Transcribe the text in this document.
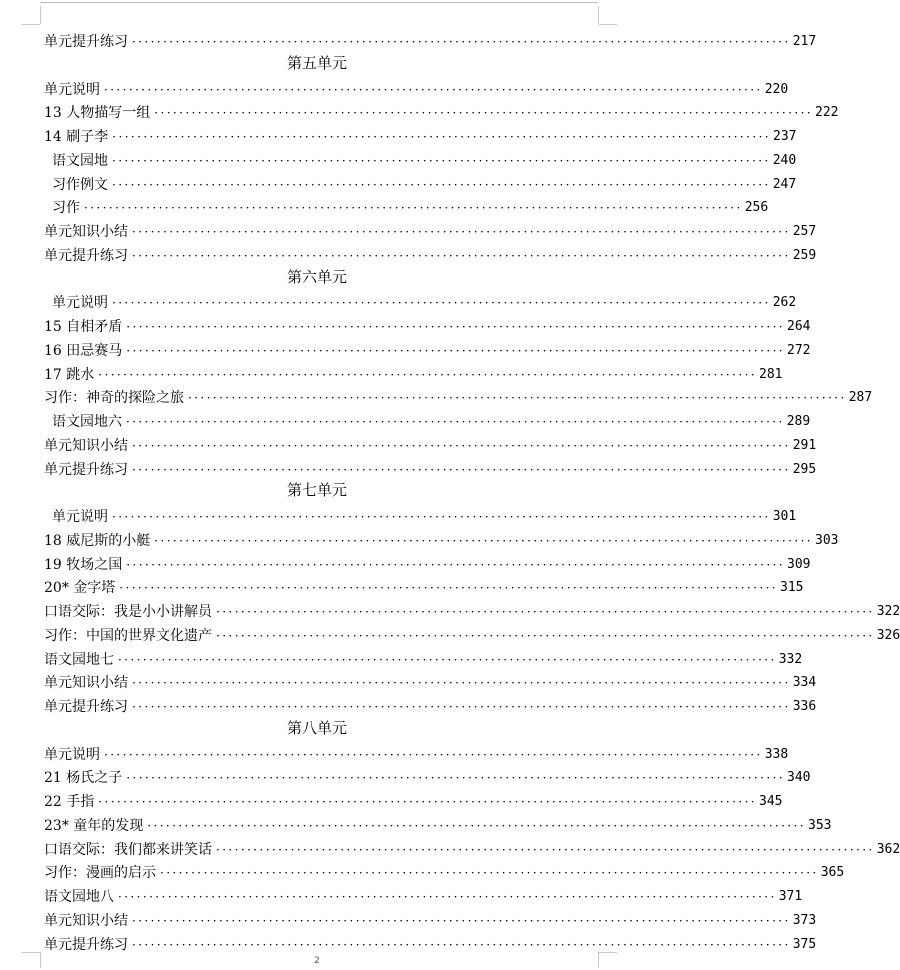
单元提升练习 ·········································································································· 217
第五单元
单元说明 ·········································································································· 220
13 人物描写一组 ·········································································································· 222
14 刷子李 ·········································································································· 237
语文园地 ·········································································································· 240
习作例文 ·········································································································· 247
习作 ·········································································································· 256
单元知识小结 ·········································································································· 257
单元提升练习 ·········································································································· 259
第六单元
单元说明 ·········································································································· 262
15 自相矛盾 ·········································································································· 264
16 田忌赛马 ·········································································································· 272
17 跳水 ·········································································································· 281
习作：神奇的探险之旅 ·········································································································· 287
语文园地六 ·········································································································· 289
单元知识小结 ·········································································································· 291
单元提升练习 ·········································································································· 295
第七单元
单元说明 ·········································································································· 301
18 威尼斯的小艇 ·········································································································· 303
19 牧场之国 ·········································································································· 309
20* 金字塔 ·········································································································· 315
口语交际：我是小小讲解员 ·········································································································· 322
习作：中国的世界文化遗产 ·········································································································· 326
语文园地七 ·········································································································· 332
单元知识小结 ·········································································································· 334
单元提升练习 ·········································································································· 336
第八单元
单元说明 ·········································································································· 338
21 杨氏之子 ·········································································································· 340
22 手指 ·········································································································· 345
23* 童年的发现 ·········································································································· 353
口语交际：我们都来讲笑话 ·········································································································· 362
习作：漫画的启示 ·········································································································· 365
语文园地八 ·········································································································· 371
单元知识小结 ·········································································································· 373
单元提升练习 ·········································································································· 375
2
